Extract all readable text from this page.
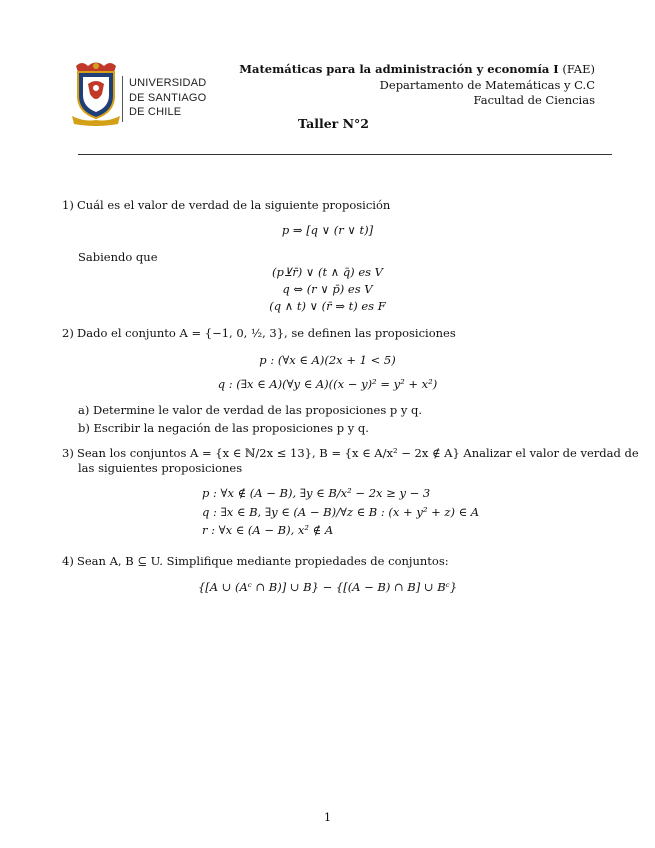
UNIVERSIDAD
DE SANTIAGO
DE CHILE
Matemáticas para la administración y economía I (FAE)
Departamento de Matemáticas y C.C
Facultad de Ciencias
Taller N°2
1) Cuál es el valor de verdad de la siguiente proposición
p ⇒ [q ∨ (r ∨ t)]
Sabiendo que
(p⊻r̄) ∨ (t ∧ q̄) es V
q ⇔ (r ∨ p̄) es V
(q ∧ t) ∨ (r̄ ⇒ t) es F
2) Dado el conjunto A = {−1, 0, ½, 3}, se definen las proposiciones
p : (∀x ∈ A)(2x + 1 < 5)
q : (∃x ∈ A)(∀y ∈ A)((x − y)² = y² + x²)
a) Determine le valor de verdad de las proposiciones p y q.
b) Escribir la negación de las proposiciones p y q.
3) Sean los conjuntos A = {x ∈ ℕ/2x ≤ 13}, B = {x ∈ A/x² − 2x ∉ A} Analizar el valor de verdad de
las siguientes proposiciones
p : ∀x ∉ (A − B), ∃y ∈ B/x² − 2x ≥ y − 3
q : ∃x ∈ B, ∃y ∈ (A − B)/∀z ∈ B : (x + y² + z) ∈ A
r : ∀x ∈ (A − B), x² ∉ A
4) Sean A, B ⊆ U. Simplifique mediante propiedades de conjuntos:
{[A ∪ (Aᶜ ∩ B)] ∪ B} − {[(A − B) ∩ B] ∪ Bᶜ}
1
